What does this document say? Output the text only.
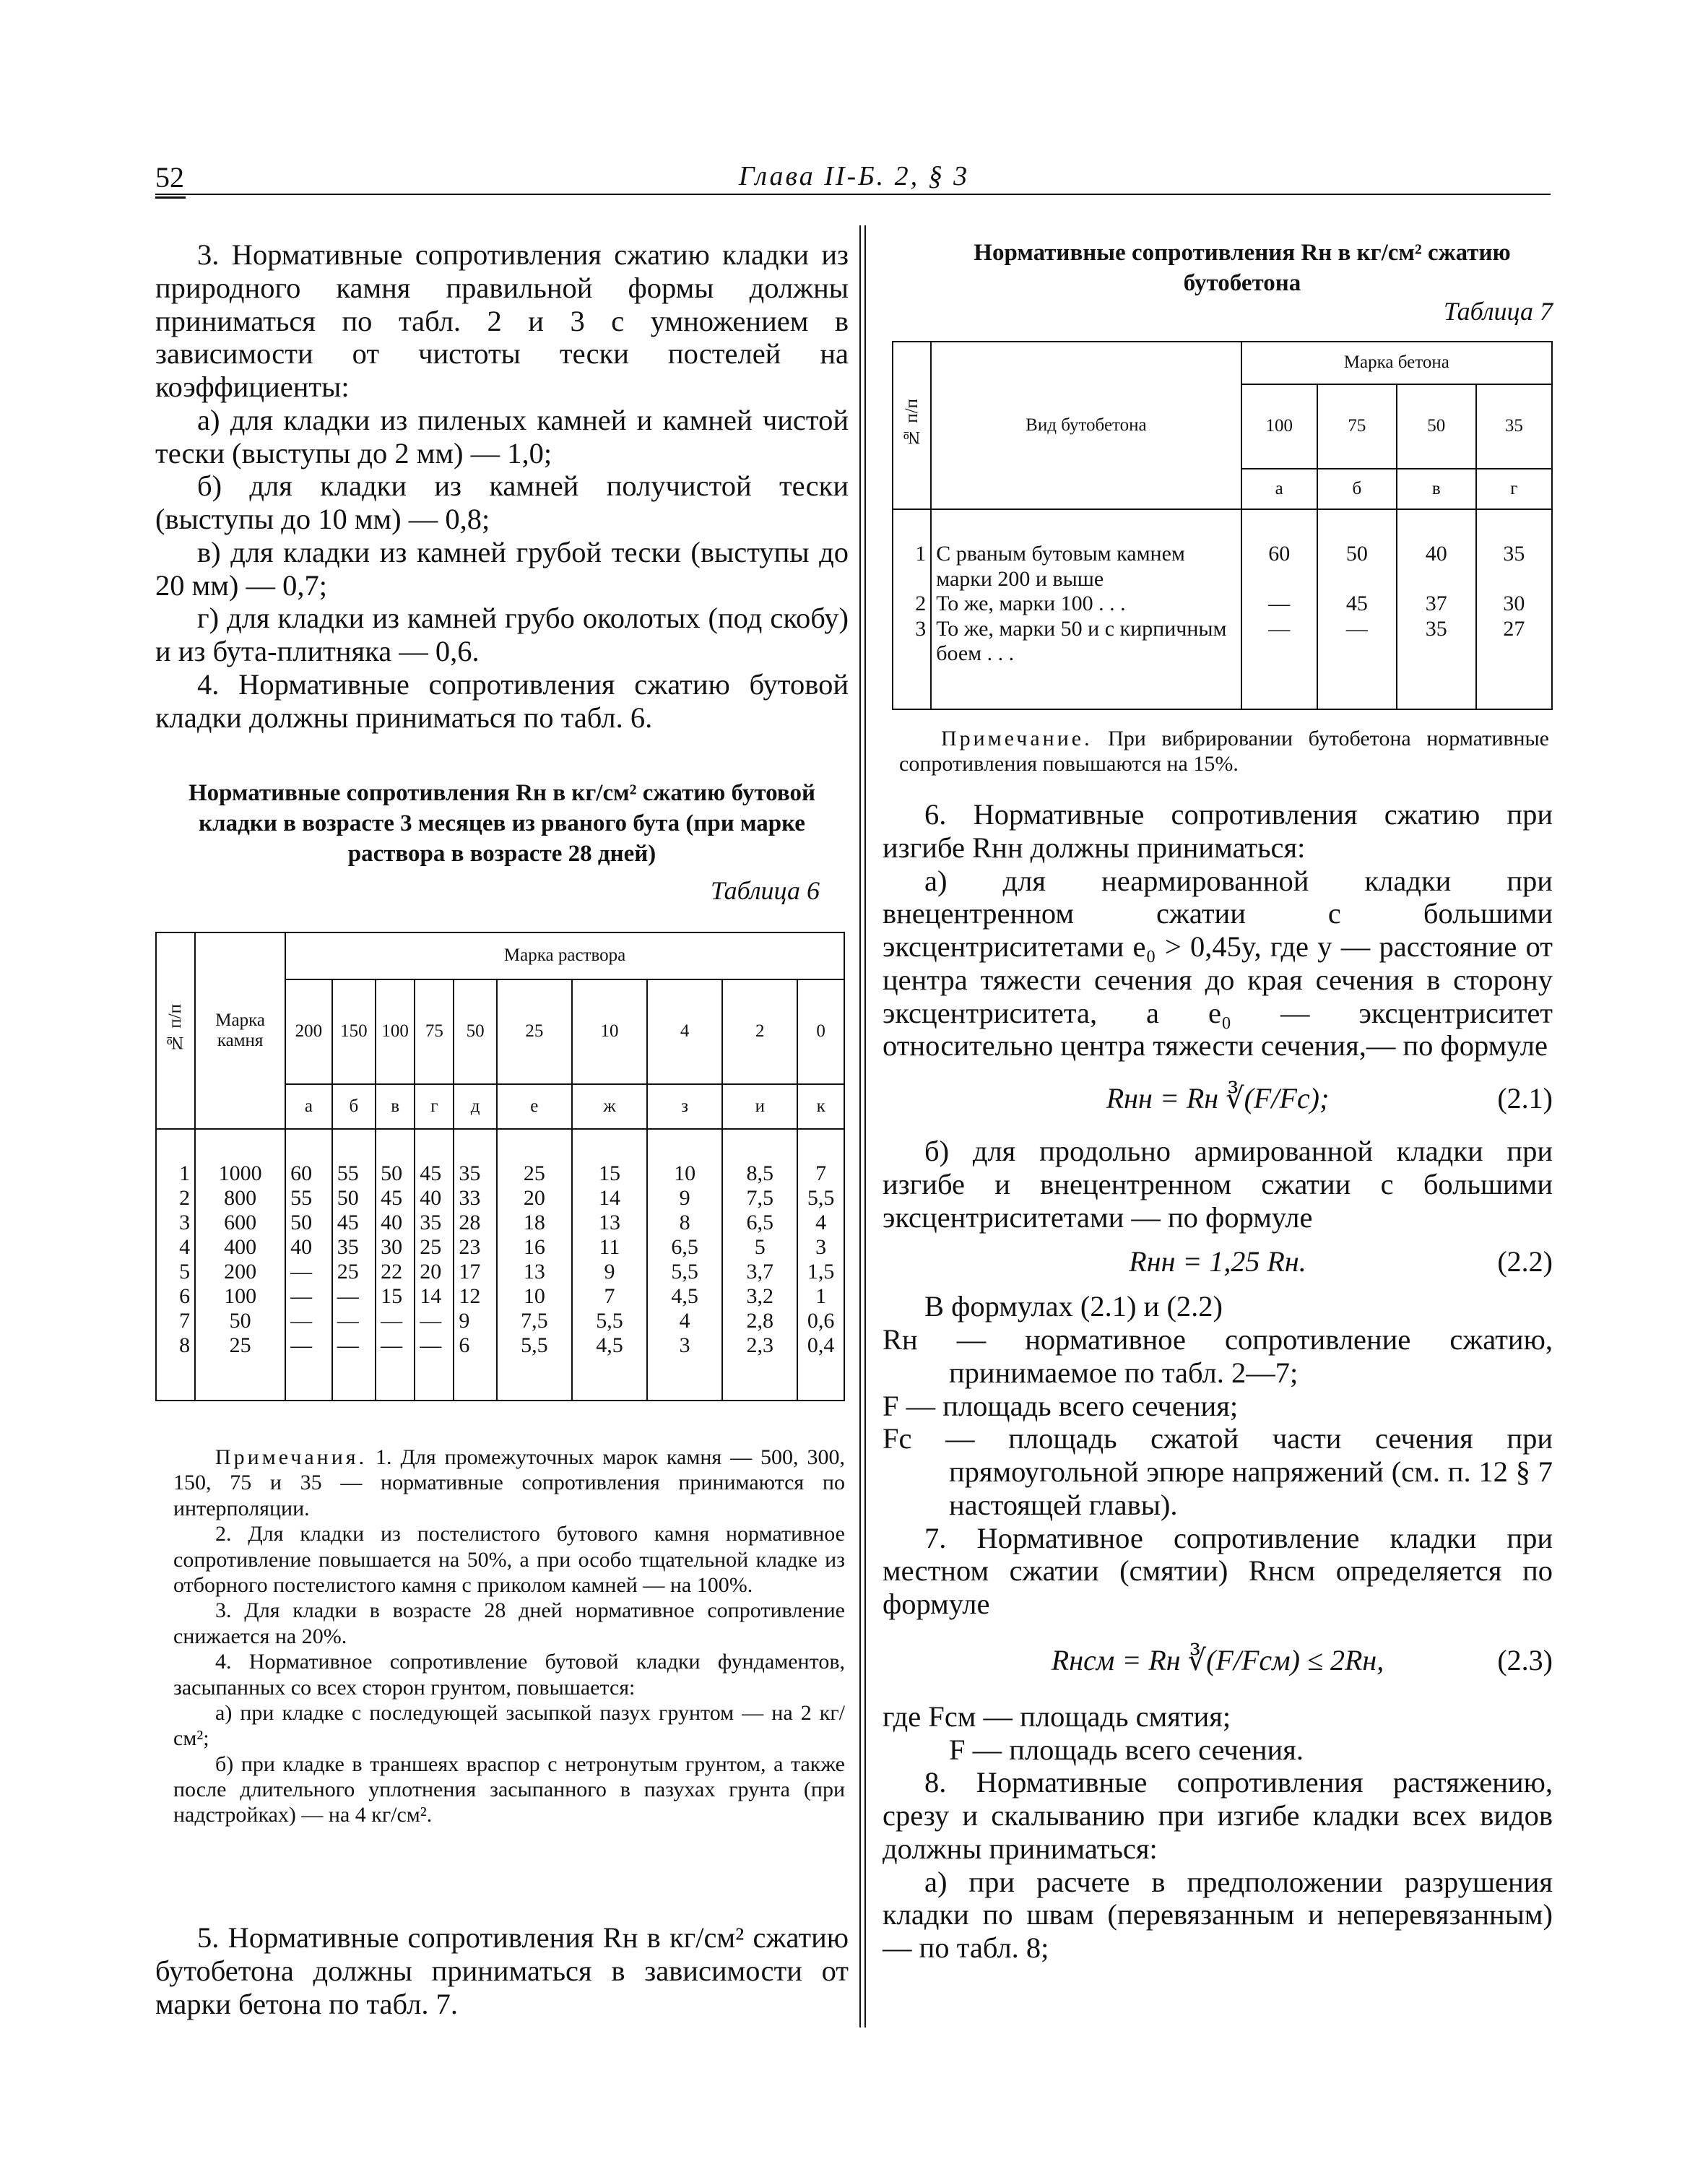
52	Глава II-Б. 2, § 3

3. Нормативные сопротивления сжатию кладки из природного камня правильной формы должны приниматься по табл. 2 и 3 с умножением в зависимости от чистоты тески постелей на коэффициенты:

а) для кладки из пиленых камней и камней чистой тески (выступы до 2 мм) — 1,0;

б) для кладки из камней получистой тески (выступы до 10 мм) — 0,8;

в) для кладки из камней грубой тески (выступы до 20 мм) — 0,7;

г) для кладки из камней грубо околотых (под скобу) и из бута-плитняка — 0,6.

4. Нормативные сопротивления сжатию бутовой кладки должны приниматься по табл. 6.

Нормативные сопротивления Rн в кг/см² сжатию бутовой кладки в возрасте 3 месяцев из рваного бута (при марке раствора в возрасте 28 дней)
Таблица 6
№ п/п	Марка камня	Марка раствора									
		200	150	100	75	50	25	10	4	2	0
		а	б	в	г	д	е	ж	з	и	к
1	1000	60	55	50	45	35	25	15	10	8,5	7
2	800	55	50	45	40	33	20	14	9	7,5	5,5
3	600	50	45	40	35	28	18	13	8	6,5	4
4	400	40	35	30	25	23	16	11	6,5	5	3
5	200	—	25	22	20	17	13	9	5,5	3,7	1,5
6	100	—	—	15	14	12	10	7	4,5	3,2	1
7	50	—	—	—	—	9	7,5	5,5	4	2,8	0,6
8	25	—	—	—	—	6	5,5	4,5	3	2,3	0,4

Примечания. 1. Для промежуточных марок камня — 500, 300, 150, 75 и 35 — нормативные сопротивления принимаются по интерполяции.

2. Для кладки из постелистого бутового камня нормативное сопротивление повышается на 50%, а при особо тщательной кладке из отборного постелистого камня с приколом камней — на 100%.

3. Для кладки в возрасте 28 дней нормативное сопротивление снижается на 20%.

4. Нормативное сопротивление бутовой кладки фундаментов, засыпанных со всех сторон грунтом, повышается:

а) при кладке с последующей засыпкой пазух грунтом — на 2 кг/см²;

б) при кладке в траншеях враспор с нетронутым грунтом, а также после длительного уплотнения засыпанного в пазухах грунта (при надстройках) — на 4 кг/см².

5. Нормативные сопротивления Rн в кг/см² сжатию бутобетона должны приниматься в зависимости от марки бетона по табл. 7.

Нормативные сопротивления Rн в кг/см² сжатию бутобетона
Таблица 7
№ п/п	Вид бутобетона	Марка бетона			
		100	75	50	35
		а	б	в	г
1	С рваным бутовым камнем марки 200 и выше	60	50	40	35
2	То же, марки 100 . . .	—	45	37	30
3	То же, марки 50 и с кирпичным боем . . .	—	—	35	27

Примечание. При вибрировании бутобетона нормативные сопротивления повышаются на 15%.

6. Нормативные сопротивления сжатию при изгибе Rнн должны приниматься:

а) для неармированной кладки при внецентренном сжатии с большими эксцентриситетами e₀ > 0,45y, где y — расстояние от центра тяжести сечения до края сечения в сторону эксцентриситета, а e₀ — эксцентриситет относительно центра тяжести сечения,— по формуле

Rнн = Rн ∛(F/Fc);	(2.1)

б) для продольно армированной кладки при изгибе и внецентренном сжатии с большими эксцентриситетами — по формуле

Rнн = 1,25 Rн.	(2.2)

В формулах (2.1) и (2.2)

Rн — нормативное сопротивление сжатию, принимаемое по табл. 2—7;

F — площадь всего сечения;

Fc — площадь сжатой части сечения при прямоугольной эпюре напряжений (см. п. 12 § 7 настоящей главы).

7. Нормативное сопротивление кладки при местном сжатии (смятии) Rнсм определяется по формуле

Rнсм = Rн ∛(F/Fсм) ≤ 2Rн,	(2.3)

где Fсм — площадь смятия;

F — площадь всего сечения.

8. Нормативные сопротивления растяжению, срезу и скалыванию при изгибе кладки всех видов должны приниматься:

а) при расчете в предположении разрушения кладки по швам (перевязанным и неперевязанным) — по табл. 8;
